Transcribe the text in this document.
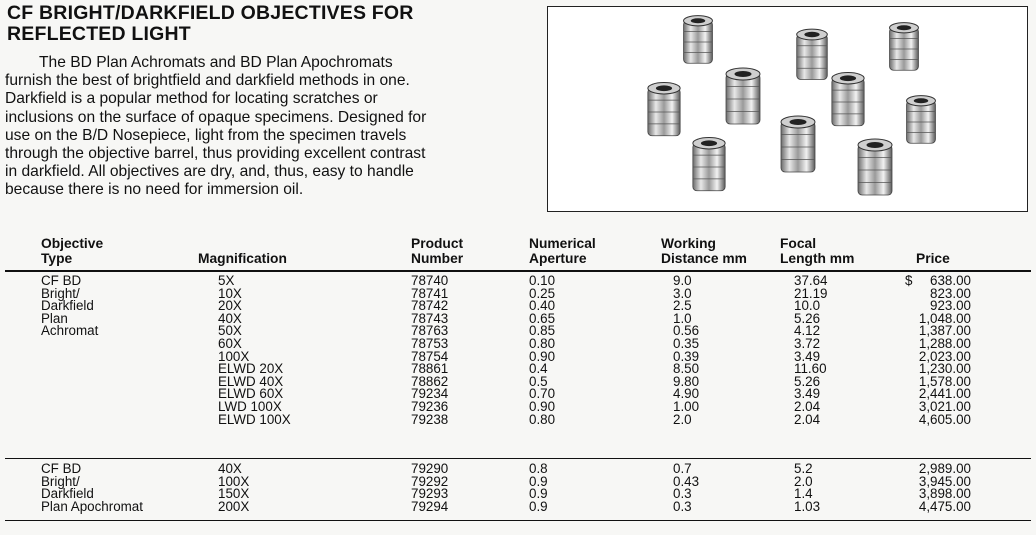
CF BRIGHT/DARKFIELD OBJECTIVES FOR
REFLECTED LIGHT
The BD Plan Achromats and BD Plan Apochromats
furnish the best of brightfield and darkfield methods in one.
Darkfield is a popular method for locating scratches or
inclusions on the surface of opaque specimens. Designed for
use on the B/D Nosepiece, light from the specimen travels
through the objective barrel, thus providing excellent contrast
in darkfield. All objectives are dry, and, thus, easy to handle
because there is no need for immersion oil.
Objective
Type	Magnification
Product
Number
Numerical
Aperture
Working
Distance mm
Focal
Length mm	Price
CF BD
Bright/
Darkfield
Plan
Achromat
5X
10X
20X
40X
50X
60X
100X
ELWD 20X
ELWD 40X
ELWD 60X
LWD 100X
ELWD 100X
78740
78741
78742
78743
78763
78753
78754
78861
78862
79234
79236
79238
0.10
0.25
0.40
0.65
0.85
0.80
0.90
0.4
0.5
0.70
0.90
0.80
9.0
3.0
2.5
1.0
0.56
0.35
0.39
8.50
9.80
4.90
1.00
2.0
37.64
21.19
10.0
5.26
4.12
3.72
3.49
11.60
5.26
3.49
2.04
2.04
638.00
823.00
923.00
1,048.00
1,387.00
1,288.00
2,023.00
1,230.00
1,578.00
2,441.00
3,021.00
4,605.00
$
CF BD
Bright/
Darkfield
Plan Apochromat
40X
100X
150X
200X
79290
79292
79293
79294
0.8
0.9
0.9
0.9
0.7
0.43
0.3
0.3
5.2
2.0
1.4
1.03
2,989.00
3,945.00
3,898.00
4,475.00
